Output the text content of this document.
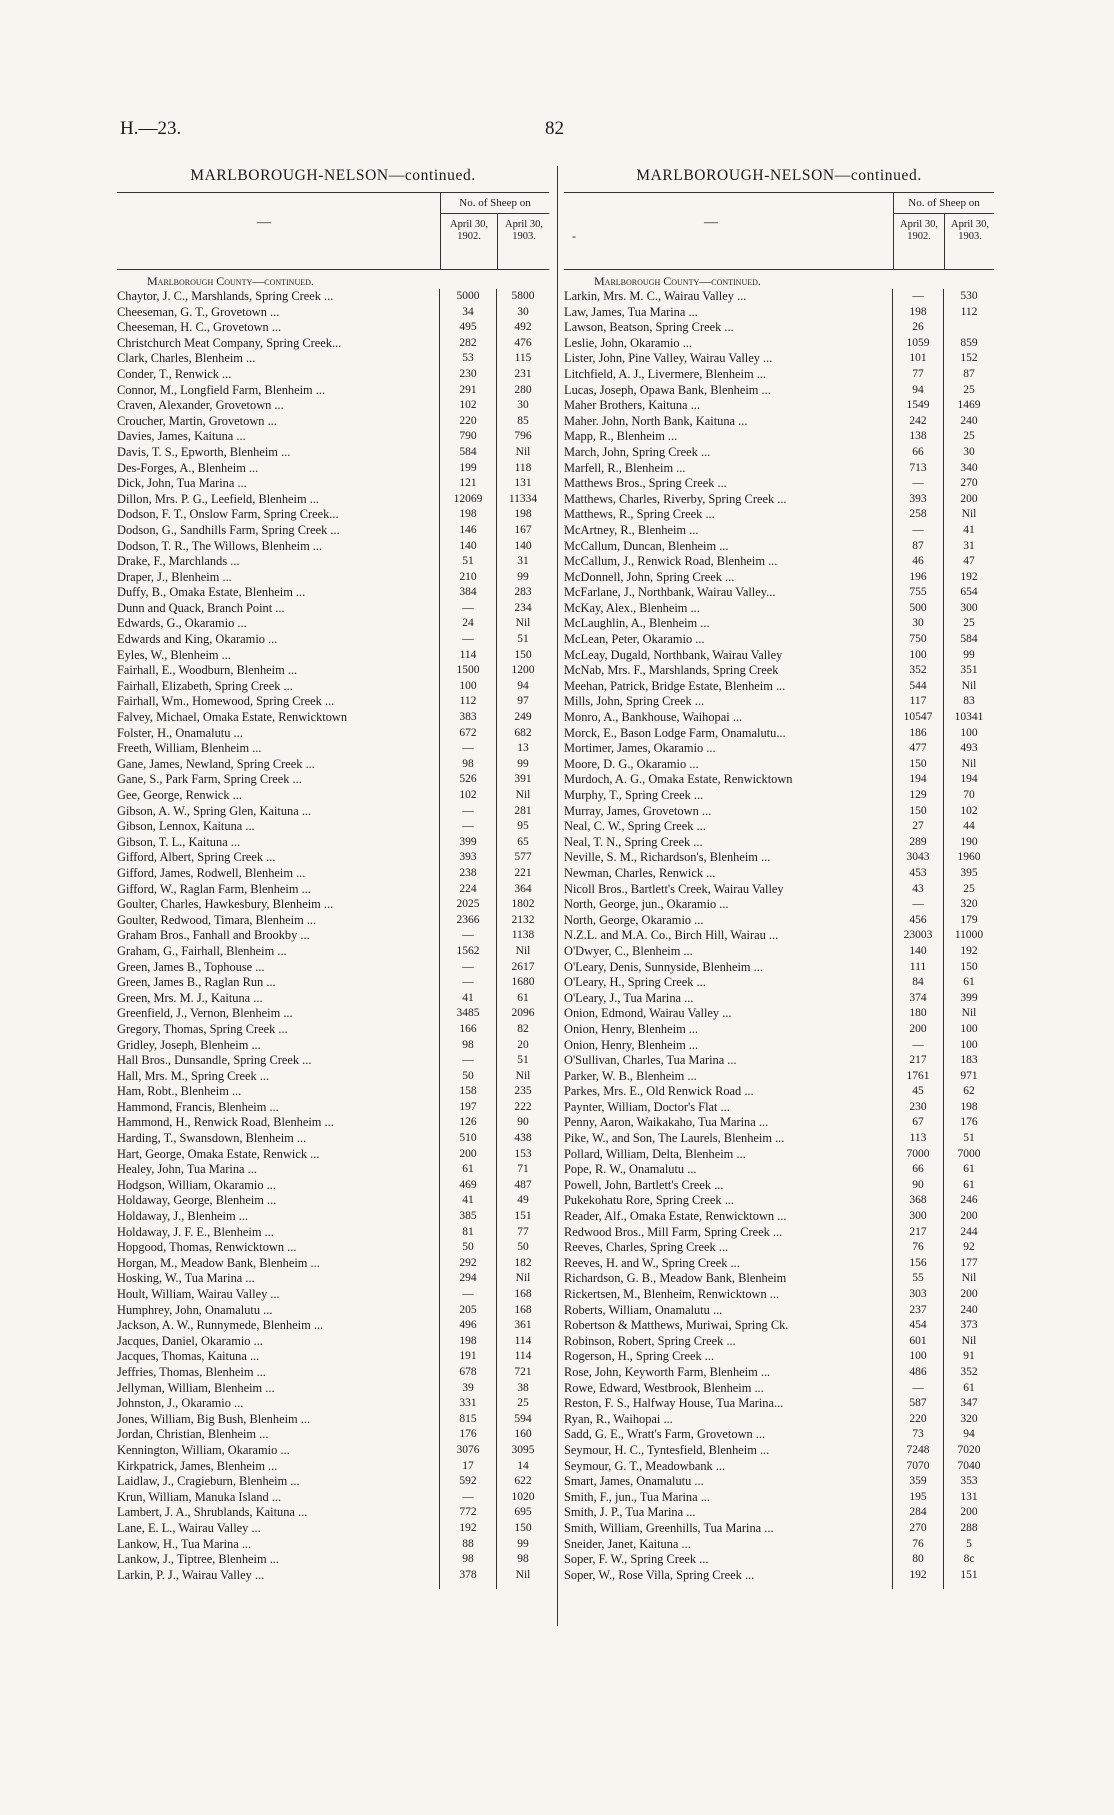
H.—23.	82
MARLBOROUGH-NELSON—continued.
—
No. of Sheep on
April 30, 1902.
April 30, 1903.
Marlborough County—continued.
Chaytor, J. C., Marshlands, Spring Creek ...	5000	5800
Cheeseman, G. T., Grovetown ...	34	30
Cheeseman, H. C., Grovetown ...	495	492
Christchurch Meat Company, Spring Creek...	282	476
Clark, Charles, Blenheim ...	53	115
Conder, T., Renwick ...	230	231
Connor, M., Longfield Farm, Blenheim ...	291	280
Craven, Alexander, Grovetown ...	102	30
Croucher, Martin, Grovetown ...	220	85
Davies, James, Kaituna ...	790	796
Davis, T. S., Epworth, Blenheim ...	584	Nil
Des-Forges, A., Blenheim ...	199	118
Dick, John, Tua Marina ...	121	131
Dillon, Mrs. P. G., Leefield, Blenheim ...	12069	11334
Dodson, F. T., Onslow Farm, Spring Creek...	198	198
Dodson, G., Sandhills Farm, Spring Creek ...	146	167
Dodson, T. R., The Willows, Blenheim ...	140	140
Drake, F., Marchlands ...	51	31
Draper, J., Blenheim ...	210	99
Duffy, B., Omaka Estate, Blenheim ...	384	283
Dunn and Quack, Branch Point ...	—	234
Edwards, G., Okaramio ...	24	Nil
Edwards and King, Okaramio ...	—	51
Eyles, W., Blenheim ...	114	150
Fairhall, E., Woodburn, Blenheim ...	1500	1200
Fairhall, Elizabeth, Spring Creek ...	100	94
Fairhall, Wm., Homewood, Spring Creek ...	112	97
Falvey, Michael, Omaka Estate, Renwicktown	383	249
Folster, H., Onamalutu ...	672	682
Freeth, William, Blenheim ...	—	13
Gane, James, Newland, Spring Creek ...	98	99
Gane, S., Park Farm, Spring Creek ...	526	391
Gee, George, Renwick ...	102	Nil
Gibson, A. W., Spring Glen, Kaituna ...	—	281
Gibson, Lennox, Kaituna ...	—	95
Gibson, T. L., Kaituna ...	399	65
Gifford, Albert, Spring Creek ...	393	577
Gifford, James, Rodwell, Blenheim ...	238	221
Gifford, W., Raglan Farm, Blenheim ...	224	364
Goulter, Charles, Hawkesbury, Blenheim ...	2025	1802
Goulter, Redwood, Timara, Blenheim ...	2366	2132
Graham Bros., Fanhall and Brookby ...	—	1138
Graham, G., Fairhall, Blenheim ...	1562	Nil
Green, James B., Tophouse ...	—	2617
Green, James B., Raglan Run ...	—	1680
Green, Mrs. M. J., Kaituna ...	41	61
Greenfield, J., Vernon, Blenheim ...	3485	2096
Gregory, Thomas, Spring Creek ...	166	82
Gridley, Joseph, Blenheim ...	98	20
Hall Bros., Dunsandle, Spring Creek ...	—	51
Hall, Mrs. M., Spring Creek ...	50	Nil
Ham, Robt., Blenheim ...	158	235
Hammond, Francis, Blenheim ...	197	222
Hammond, H., Renwick Road, Blenheim ...	126	90
Harding, T., Swansdown, Blenheim ...	510	438
Hart, George, Omaka Estate, Renwick ...	200	153
Healey, John, Tua Marina ...	61	71
Hodgson, William, Okaramio ...	469	487
Holdaway, George, Blenheim ...	41	49
Holdaway, J., Blenheim ...	385	151
Holdaway, J. F. E., Blenheim ...	81	77
Hopgood, Thomas, Renwicktown ...	50	50
Horgan, M., Meadow Bank, Blenheim ...	292	182
Hosking, W., Tua Marina ...	294	Nil
Hoult, William, Wairau Valley ...	—	168
Humphrey, John, Onamalutu ...	205	168
Jackson, A. W., Runnymede, Blenheim ...	496	361
Jacques, Daniel, Okaramio ...	198	114
Jacques, Thomas, Kaituna ...	191	114
Jeffries, Thomas, Blenheim ...	678	721
Jellyman, William, Blenheim ...	39	38
Johnston, J., Okaramio ...	331	25
Jones, William, Big Bush, Blenheim ...	815	594
Jordan, Christian, Blenheim ...	176	160
Kennington, William, Okaramio ...	3076	3095
Kirkpatrick, James, Blenheim ...	17	14
Laidlaw, J., Cragieburn, Blenheim ...	592	622
Krun, William, Manuka Island ...	—	1020
Lambert, J. A., Shrublands, Kaituna ...	772	695
Lane, E. L., Wairau Valley ...	192	150
Lankow, H., Tua Marina ...	88	99
Lankow, J., Tiptree, Blenheim ...	98	98
Larkin, P. J., Wairau Valley ...	378	Nil
MARLBOROUGH-NELSON—continued.
—
-
No. of Sheep on
April 30, 1902.
April 30, 1903.
Marlborough County—continued.
Larkin, Mrs. M. C., Wairau Valley ...	—	530
Law, James, Tua Marina ...	198	112
Lawson, Beatson, Spring Creek ...	26
Leslie, John, Okaramio ...	1059	859
Lister, John, Pine Valley, Wairau Valley ...	101	152
Litchfield, A. J., Livermere, Blenheim ...	77	87
Lucas, Joseph, Opawa Bank, Blenheim ...	94	25
Maher Brothers, Kaituna ...	1549	1469
Maher. John, North Bank, Kaituna ...	242	240
Mapp, R., Blenheim ...	138	25
March, John, Spring Creek ...	66	30
Marfell, R., Blenheim ...	713	340
Matthews Bros., Spring Creek ...	—	270
Matthews, Charles, Riverby, Spring Creek ...	393	200
Matthews, R., Spring Creek ...	258	Nil
McArtney, R., Blenheim ...	—	41
McCallum, Duncan, Blenheim ...	87	31
McCallum, J., Renwick Road, Blenheim ...	46	47
McDonnell, John, Spring Creek ...	196	192
McFarlane, J., Northbank, Wairau Valley...	755	654
McKay, Alex., Blenheim ...	500	300
McLaughlin, A., Blenheim ...	30	25
McLean, Peter, Okaramio ...	750	584
McLeay, Dugald, Northbank, Wairau Valley	100	99
McNab, Mrs. F., Marshlands, Spring Creek	352	351
Meehan, Patrick, Bridge Estate, Blenheim ...	544	Nil
Mills, John, Spring Creek ...	117	83
Monro, A., Bankhouse, Waihopai ...	10547	10341
Morck, E., Bason Lodge Farm, Onamalutu...	186	100
Mortimer, James, Okaramio ...	477	493
Moore, D. G., Okaramio ...	150	Nil
Murdoch, A. G., Omaka Estate, Renwicktown	194	194
Murphy, T., Spring Creek ...	129	70
Murray, James, Grovetown ...	150	102
Neal, C. W., Spring Creek ...	27	44
Neal, T. N., Spring Creek ...	289	190
Neville, S. M., Richardson's, Blenheim ...	3043	1960
Newman, Charles, Renwick ...	453	395
Nicoll Bros., Bartlett's Creek, Wairau Valley	43	25
North, George, jun., Okaramio ...	—	320
North, George, Okaramio ...	456	179
N.Z.L. and M.A. Co., Birch Hill, Wairau ...	23003	11000
O'Dwyer, C., Blenheim ...	140	192
O'Leary, Denis, Sunnyside, Blenheim ...	111	150
O'Leary, H., Spring Creek ...	84	61
O'Leary, J., Tua Marina ...	374	399
Onion, Edmond, Wairau Valley ...	180	Nil
Onion, Henry, Blenheim ...	200	100
Onion, Henry, Blenheim ...	—	100
O'Sullivan, Charles, Tua Marina ...	217	183
Parker, W. B., Blenheim ...	1761	971
Parkes, Mrs. E., Old Renwick Road ...	45	62
Paynter, William, Doctor's Flat ...	230	198
Penny, Aaron, Waikakaho, Tua Marina ...	67	176
Pike, W., and Son, The Laurels, Blenheim ...	113	51
Pollard, William, Delta, Blenheim ...	7000	7000
Pope, R. W., Onamalutu ...	66	61
Powell, John, Bartlett's Creek ...	90	61
Pukekohatu Rore, Spring Creek ...	368	246
Reader, Alf., Omaka Estate, Renwicktown ...	300	200
Redwood Bros., Mill Farm, Spring Creek ...	217	244
Reeves, Charles, Spring Creek ...	76	92
Reeves, H. and W., Spring Creek ...	156	177
Richardson, G. B., Meadow Bank, Blenheim	55	Nil
Rickertsen, M., Blenheim, Renwicktown ...	303	200
Roberts, William, Onamalutu ...	237	240
Robertson & Matthews, Muriwai, Spring Ck.	454	373
Robinson, Robert, Spring Creek ...	601	Nil
Rogerson, H., Spring Creek ...	100	91
Rose, John, Keyworth Farm, Blenheim ...	486	352
Rowe, Edward, Westbrook, Blenheim ...	—	61
Reston, F. S., Halfway House, Tua Marina...	587	347
Ryan, R., Waihopai ...	220	320
Sadd, G. E., Wratt's Farm, Grovetown ...	73	94
Seymour, H. C., Tyntesfield, Blenheim ...	7248	7020
Seymour, G. T., Meadowbank ...	7070	7040
Smart, James, Onamalutu ...	359	353
Smith, F., jun., Tua Marina ...	195	131
Smith, J. P., Tua Marina ...	284	200
Smith, William, Greenhills, Tua Marina ...	270	288
Sneider, Janet, Kaituna ...	76	5
Soper, F. W., Spring Creek ...	80	8c
Soper, W., Rose Villa, Spring Creek ...	192	151
